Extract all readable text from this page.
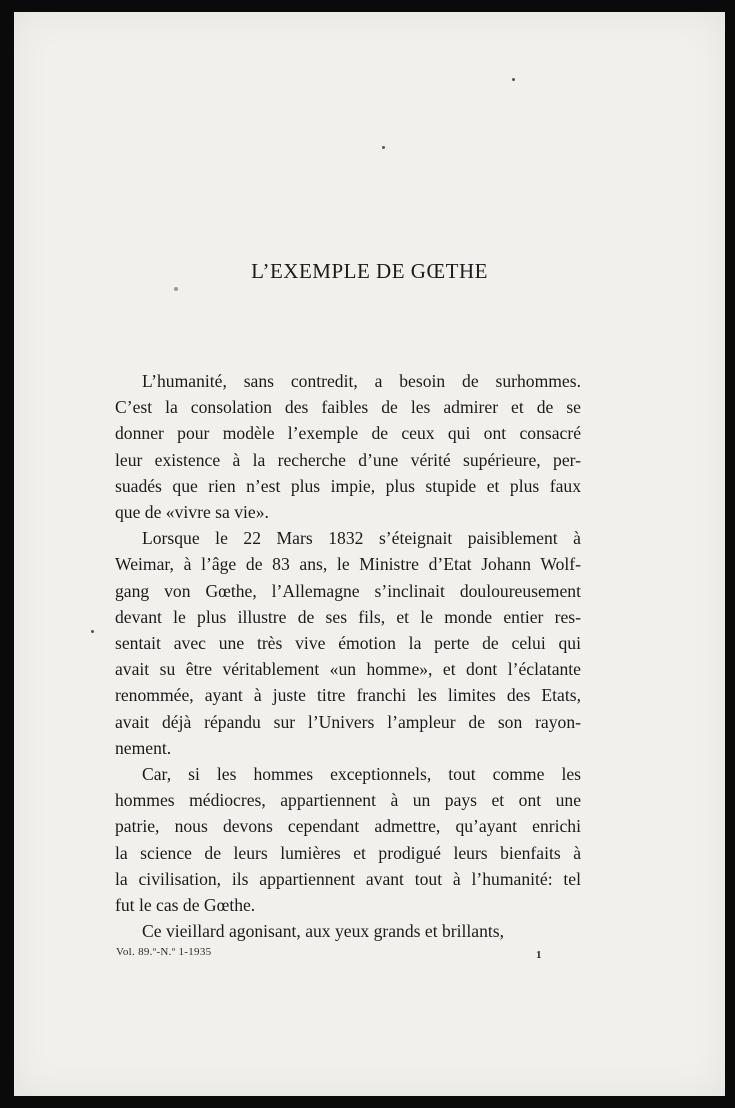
L’EXEMPLE DE GŒTHE

L’humanité, sans contredit, a besoin de surhommes.
C’est la consolation des faibles de les admirer et de se
donner pour modèle l’exemple de ceux qui ont consacré
leur existence à la recherche d’une vérité supérieure, per-
suadés que rien n’est plus impie, plus stupide et plus faux
que de «vivre sa vie».

Lorsque le 22 Mars 1832 s’éteignait paisiblement à
Weimar, à l’âge de 83 ans, le Ministre d’Etat Johann Wolf-
gang von Gœthe, l’Allemagne s’inclinait douloureusement
devant le plus illustre de ses fils, et le monde entier res-
sentait avec une très vive émotion la perte de celui qui
avait su être véritablement «un homme», et dont l’éclatante
renommée, ayant à juste titre franchi les limites des Etats,
avait déjà répandu sur l’Univers l’ampleur de son rayon-
nement.

Car, si les hommes exceptionnels, tout comme les
hommes médiocres, appartiennent à un pays et ont une
patrie, nous devons cependant admettre, qu’ayant enrichi
la science de leurs lumières et prodigué leurs bienfaits à
la civilisation, ils appartiennent avant tout à l’humanité: tel
fut le cas de Gœthe.

Ce vieillard agonisant, aux yeux grands et brillants,

Vol. 89.º-N.º 1-1935	1
